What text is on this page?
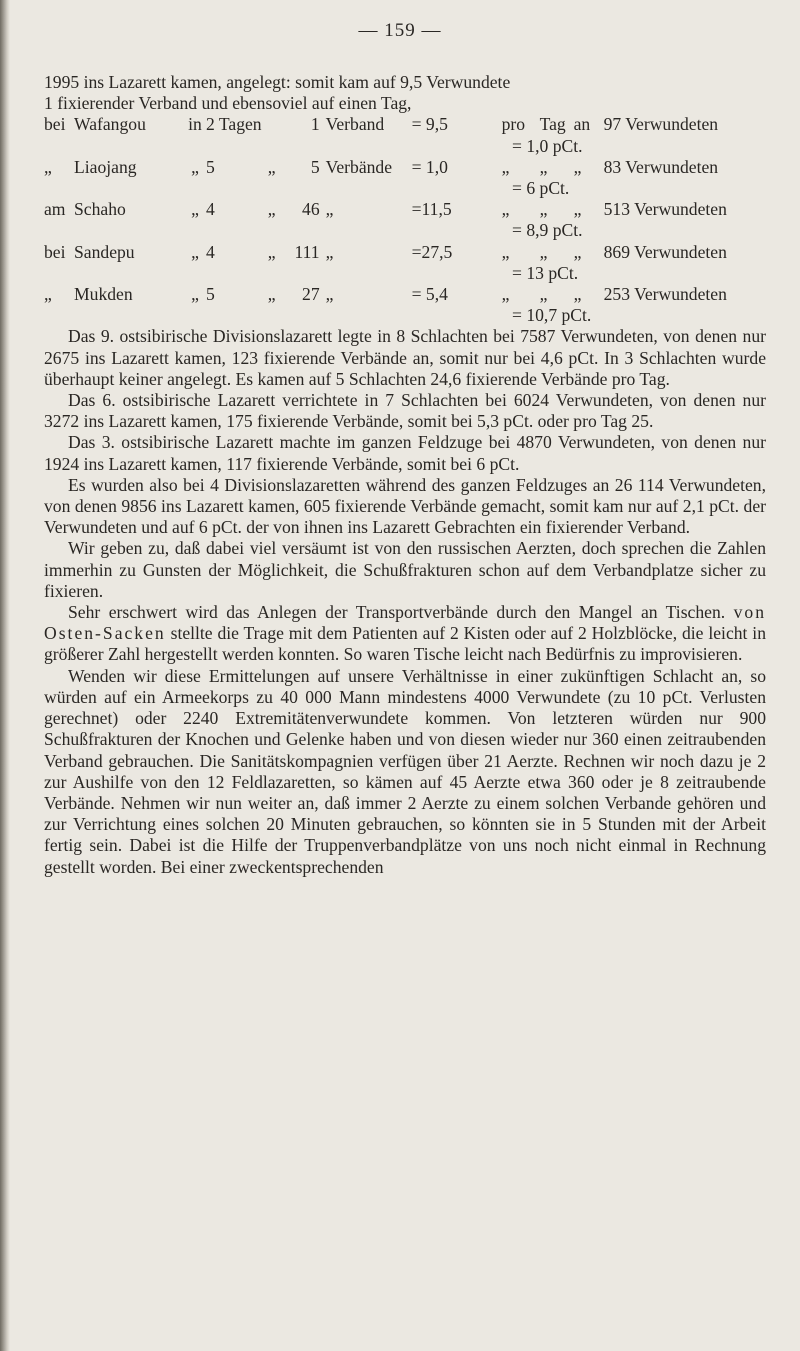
— 159 —
1995 ins Lazarett kamen, angelegt: somit kam auf 9,5 Verwundete
1 fixierender Verband und ebensoviel auf einen Tag,
bei	Wafangou	in	2 Tagen		1	Verband	= 9,5	pro	Tag	an	97 Verwundeten
= 1,0 pCt.											
„	Liaojang	„	5	„	5	Verbände	= 1,0	„	„	„	83 Verwundeten
= 6 pCt.											
am	Schaho	„	4	„	46	„	=11,5	„	„	„	513 Verwundeten
= 8,9 pCt.											
bei	Sandepu	„	4	„	111	„	=27,5	„	„	„	869 Verwundeten
= 13 pCt.											
„	Mukden	„	5	„	27	„	= 5,4	„	„	„	253 Verwundeten
= 10,7 pCt.											

Das 9. ostsibirische Divisionslazarett legte in 8 Schlachten bei 7587 Verwundeten, von denen nur 2675 ins Lazarett kamen, 123 fixierende Verbände an, somit nur bei 4,6 pCt. In 3 Schlachten wurde überhaupt keiner angelegt. Es kamen auf 5 Schlachten 24,6 fixierende Verbände pro Tag.

Das 6. ostsibirische Lazarett verrichtete in 7 Schlachten bei 6024 Verwundeten, von denen nur 3272 ins Lazarett kamen, 175 fixierende Verbände, somit bei 5,3 pCt. oder pro Tag 25.

Das 3. ostsibirische Lazarett machte im ganzen Feldzuge bei 4870 Verwundeten, von denen nur 1924 ins Lazarett kamen, 117 fixierende Verbände, somit bei 6 pCt.

Es wurden also bei 4 Divisionslazaretten während des ganzen Feldzuges an 26 114 Verwundeten, von denen 9856 ins Lazarett kamen, 605 fixierende Verbände gemacht, somit kam nur auf 2,1 pCt. der Verwundeten und auf 6 pCt. der von ihnen ins Lazarett Gebrachten ein fixierender Verband.

Wir geben zu, daß dabei viel versäumt ist von den russischen Aerzten, doch sprechen die Zahlen immerhin zu Gunsten der Möglichkeit, die Schußfrakturen schon auf dem Verbandplatze sicher zu fixieren.

Sehr erschwert wird das Anlegen der Transportverbände durch den Mangel an Tischen. von Osten-Sacken stellte die Trage mit dem Patienten auf 2 Kisten oder auf 2 Holzblöcke, die leicht in größerer Zahl hergestellt werden konnten. So waren Tische leicht nach Bedürfnis zu improvisieren.

Wenden wir diese Ermittelungen auf unsere Verhältnisse in einer zukünftigen Schlacht an, so würden auf ein Armeekorps zu 40 000 Mann mindestens 4000 Verwundete (zu 10 pCt. Verlusten gerechnet) oder 2240 Extremitätenverwundete kommen. Von letzteren würden nur 900 Schußfrakturen der Knochen und Gelenke haben und von diesen wieder nur 360 einen zeitraubenden Verband gebrauchen. Die Sanitätskompagnien verfügen über 21 Aerzte. Rechnen wir noch dazu je 2 zur Aushilfe von den 12 Feldlazaretten, so kämen auf 45 Aerzte etwa 360 oder je 8 zeitraubende Verbände. Nehmen wir nun weiter an, daß immer 2 Aerzte zu einem solchen Verbande gehören und zur Verrichtung eines solchen 20 Minuten gebrauchen, so könnten sie in 5 Stunden mit der Arbeit fertig sein. Dabei ist die Hilfe der Truppenverbandplätze von uns noch nicht einmal in Rechnung gestellt worden. Bei einer zweckentsprechenden
